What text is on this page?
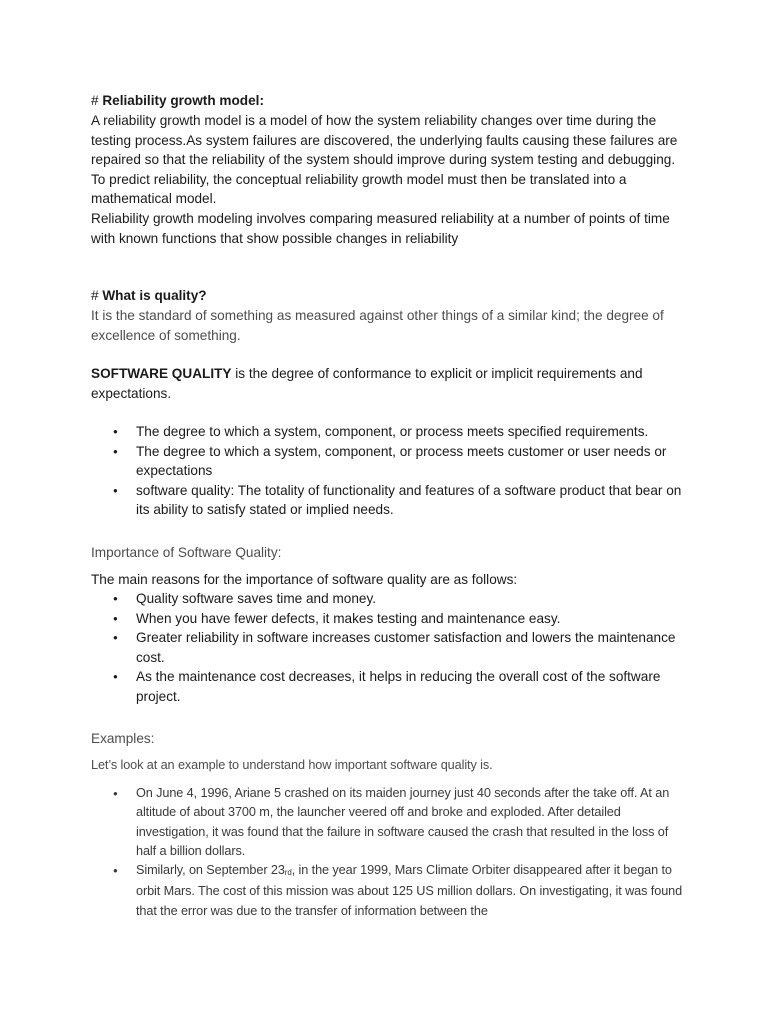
# Reliability growth model:

A reliability growth model is a model of how the system reliability changes over time during the testing process.As system failures are discovered, the underlying faults causing these failures are repaired so that the reliability of the system should improve during system testing and debugging. To predict reliability, the conceptual reliability growth model must then be translated into a mathematical model.

Reliability growth modeling involves comparing measured reliability at a number of points of time with known functions that show possible changes in reliability

# What is quality?

It is the standard of something as measured against other things of a similar kind; the degree of excellence of something.

SOFTWARE QUALITY is the degree of conformance to explicit or implicit requirements and expectations.

● The degree to which a system, component, or process meets specified requirements.
● The degree to which a system, component, or process meets customer or user needs or expectations
● software quality: The totality of functionality and features of a software product that bear on its ability to satisfy stated or implied needs.

Importance of Software Quality:

The main reasons for the importance of software quality are as follows:

● Quality software saves time and money.
● When you have fewer defects, it makes testing and maintenance easy.
● Greater reliability in software increases customer satisfaction and lowers the maintenance cost.
● As the maintenance cost decreases, it helps in reducing the overall cost of the software project.

Examples:

Let’s look at an example to understand how important software quality is.

● On June 4, 1996, Ariane 5 crashed on its maiden journey just 40 seconds after the take off. At an altitude of about 3700 m, the launcher veered off and broke and exploded. After detailed investigation, it was found that the failure in software caused the crash that resulted in the loss of half a billion dollars.
● Similarly, on September $23_{rd}$, in the year 1999, Mars Climate Orbiter disappeared after it began to orbit Mars. The cost of this mission was about 125 US million dollars. On investigating, it was found that the error was due to the transfer of information between the
